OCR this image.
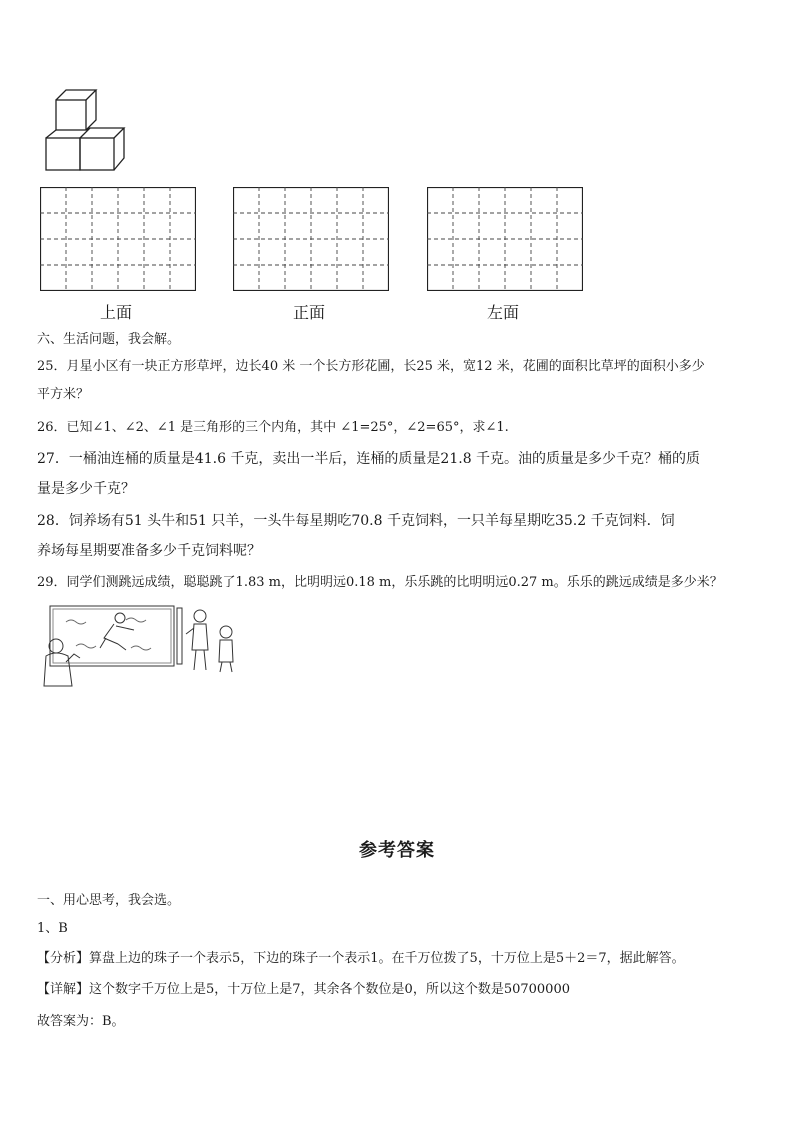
上面	正面	左面
六、生活问题，我会解。
25．月星小区有一块正方形草坪，边长40 米 一个长方形花圃，长25 米，宽12 米，花圃的面积比草坪的面积小多少
平方米？
26．已知∠1、∠2、∠1 是三角形的三个内角，其中 ∠1=25°，∠2=65°，求∠1.
27．一桶油连桶的质量是41.6 千克，卖出一半后，连桶的质量是21.8 千克。油的质量是多少千克？桶的质
量是多少千克？
28．饲养场有51 头牛和51 只羊，一头牛每星期吃70.8 千克饲料，一只羊每星期吃35.2 千克饲料．饲
养场每星期要准备多少千克饲料呢？
29．同学们测跳远成绩，聪聪跳了1.83 m，比明明远0.18 m，乐乐跳的比明明远0.27 m。乐乐的跳远成绩是多少米？
参考答案
一、用心思考，我会选。
1、B
【分析】算盘上边的珠子一个表示5，下边的珠子一个表示1。在千万位拨了5，十万位上是5＋2＝7，据此解答。
【详解】这个数字千万位上是5，十万位上是7，其余各个数位是0，所以这个数是50700000
故答案为：B。
